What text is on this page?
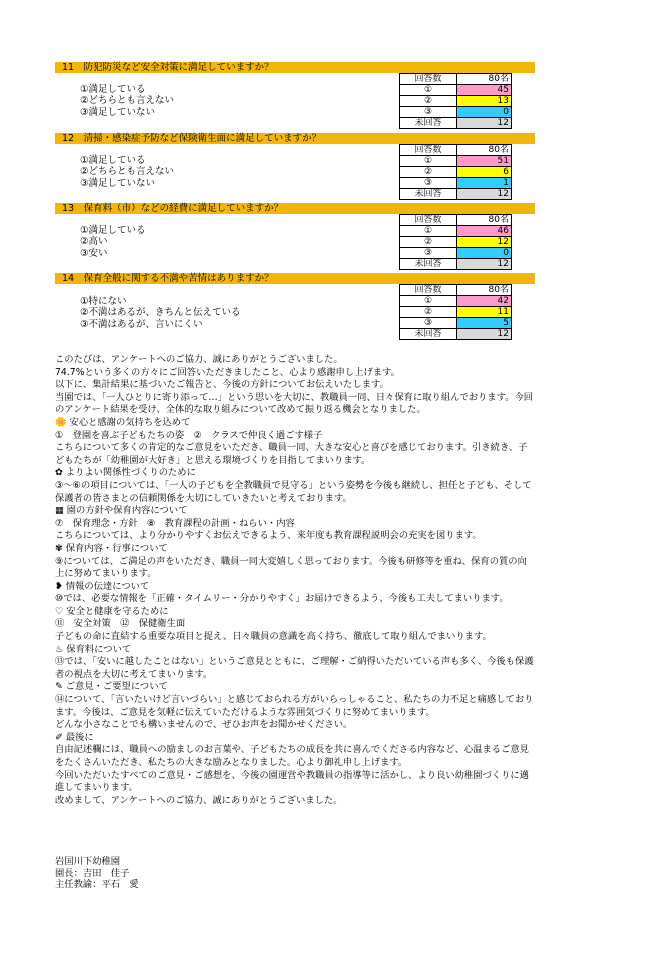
11　防犯防災など安全対策に満足していますか？
①満足している
②どちらとも言えない
③満足していない
回答数	80名
①	45
②	13
③	0
未回答	12
12　清掃・感染症予防など保険衛生面に満足していますか？
①満足している
②どちらとも言えない
③満足していない
回答数	80名
①	51
②	6
③	1
未回答	12
13　保育料（市）などの経費に満足していますか？
①満足している
②高い
③安い
回答数	80名
①	46
②	12
③	0
未回答	12
14　保育全般に関する不満や苦情はありますか？
①特にない
②不満はあるが、きちんと伝えている
③不満はあるが、言いにくい
回答数	80名
①	42
②	11
③	5
未回答	12

このたびは、アンケートへのご協力、誠にありがとうございました。

74.7%という多くの方々にご回答いただきましたこと、心より感謝申し上げます。

以下に、集計結果に基づいたご報告と、今後の方針についてお伝えいたします。

当園では、「一人ひとりに寄り添って…」という思いを大切に、教職員一同、日々保育に取り組んでおります。今回のアンケート結果を受け、全体的な取り組みについて改めて振り返る機会となりました。

🌼 安心と感謝の気持ちを込めて

①　登園を喜ぶ子どもたちの姿　②　クラスで仲良く過ごす様子

こちらについて多くの肯定的なご意見をいただき、職員一同、大きな安心と喜びを感じております。引き続き、子どもたちが「幼稚園が大好き」と思える環境づくりを目指してまいります。

✿ よりよい関係性づくりのために

③～⑥の項目については、「一人の子どもを全教職員で見守る」という姿勢を今後も継続し、担任と子ども、そして保護者の皆さまとの信頼関係を大切にしていきたいと考えております。

▦ 園の方針や保育内容について

⑦　保育理念・方針　⑧　教育課程の計画・ねらい・内容

こちらについては、より分かりやすくお伝えできるよう、来年度も教育課程説明会の充実を図ります。

✾ 保育内容・行事について

⑨については、ご満足の声をいただき、職員一同大変嬉しく思っております。今後も研修等を重ね、保育の質の向上に努めてまいります。

❥ 情報の伝達について

⑩では、必要な情報を「正確・タイムリー・分かりやすく」お届けできるよう、今後も工夫してまいります。

♡ 安全と健康を守るために

⑪　安全対策　⑫　保健衛生面

子どもの命に直結する重要な項目と捉え、日々職員の意識を高く持ち、徹底して取り組んでまいります。

♨ 保育料について

⑬では、「安いに越したことはない」というご意見とともに、ご理解・ご納得いただいている声も多く、今後も保護者の視点を大切に考えてまいります。

✎ ご意見・ご要望について

⑭について、「言いたいけど言いづらい」と感じておられる方がいらっしゃること、私たちの力不足と痛感しております。今後は、ご意見を気軽に伝えていただけるような雰囲気づくりに努めてまいります。

どんな小さなことでも構いませんので、ぜひお声をお聞かせください。

✐ 最後に

自由記述欄には、職員への励ましのお言葉や、子どもたちの成長を共に喜んでくださる内容など、心温まるご意見をたくさんいただき、私たちの大きな励みとなりました。心より御礼申し上げます。

今回いただいたすべてのご意見・ご感想を、今後の園運営や教職員の指導等に活かし、より良い幼稚園づくりに邁進してまいります。

改めまして、アンケートへのご協力、誠にありがとうございました。

岩国川下幼稚園

園長：吉田　佳子

主任教諭：平石　愛
